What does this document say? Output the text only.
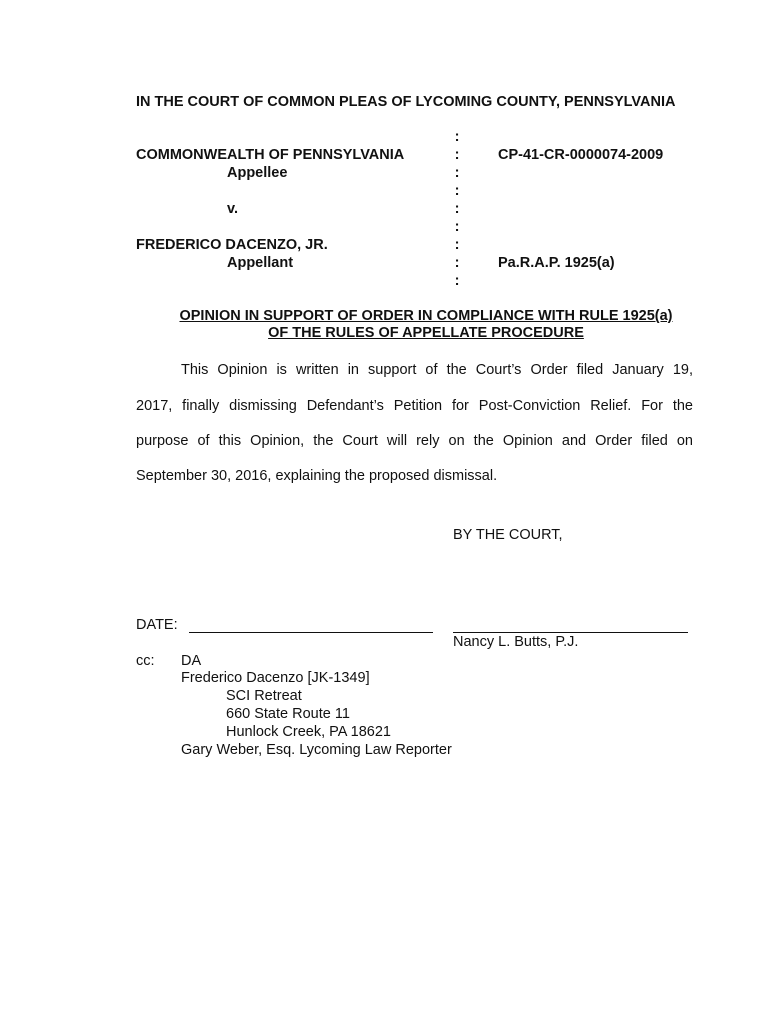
IN THE COURT OF COMMON PLEAS OF LYCOMING COUNTY, PENNSYLVANIA
COMMONWEALTH OF PENNSYLVANIA
Appellee
v.
FREDERICO DACENZO, JR.
Appellant
:
:
:
:
:
:
:
:
:
CP-41-CR-0000074-2009
Pa.R.A.P. 1925(a)
OPINION IN SUPPORT OF ORDER IN COMPLIANCE WITH RULE 1925(a)
OF THE RULES OF APPELLATE PROCEDURE
This Opinion is written in support of the Court’s Order filed January 19,
2017, finally dismissing Defendant’s Petition for Post-Conviction Relief. For the
purpose of this Opinion, the Court will rely on the Opinion and Order filed on
September 30, 2016, explaining the proposed dismissal.
BY THE COURT,
DATE:
Nancy L. Butts, P.J.
cc: DA
Frederico Dacenzo [JK-1349]
SCI Retreat
660 State Route 11
Hunlock Creek, PA 18621
Gary Weber, Esq. Lycoming Law Reporter
